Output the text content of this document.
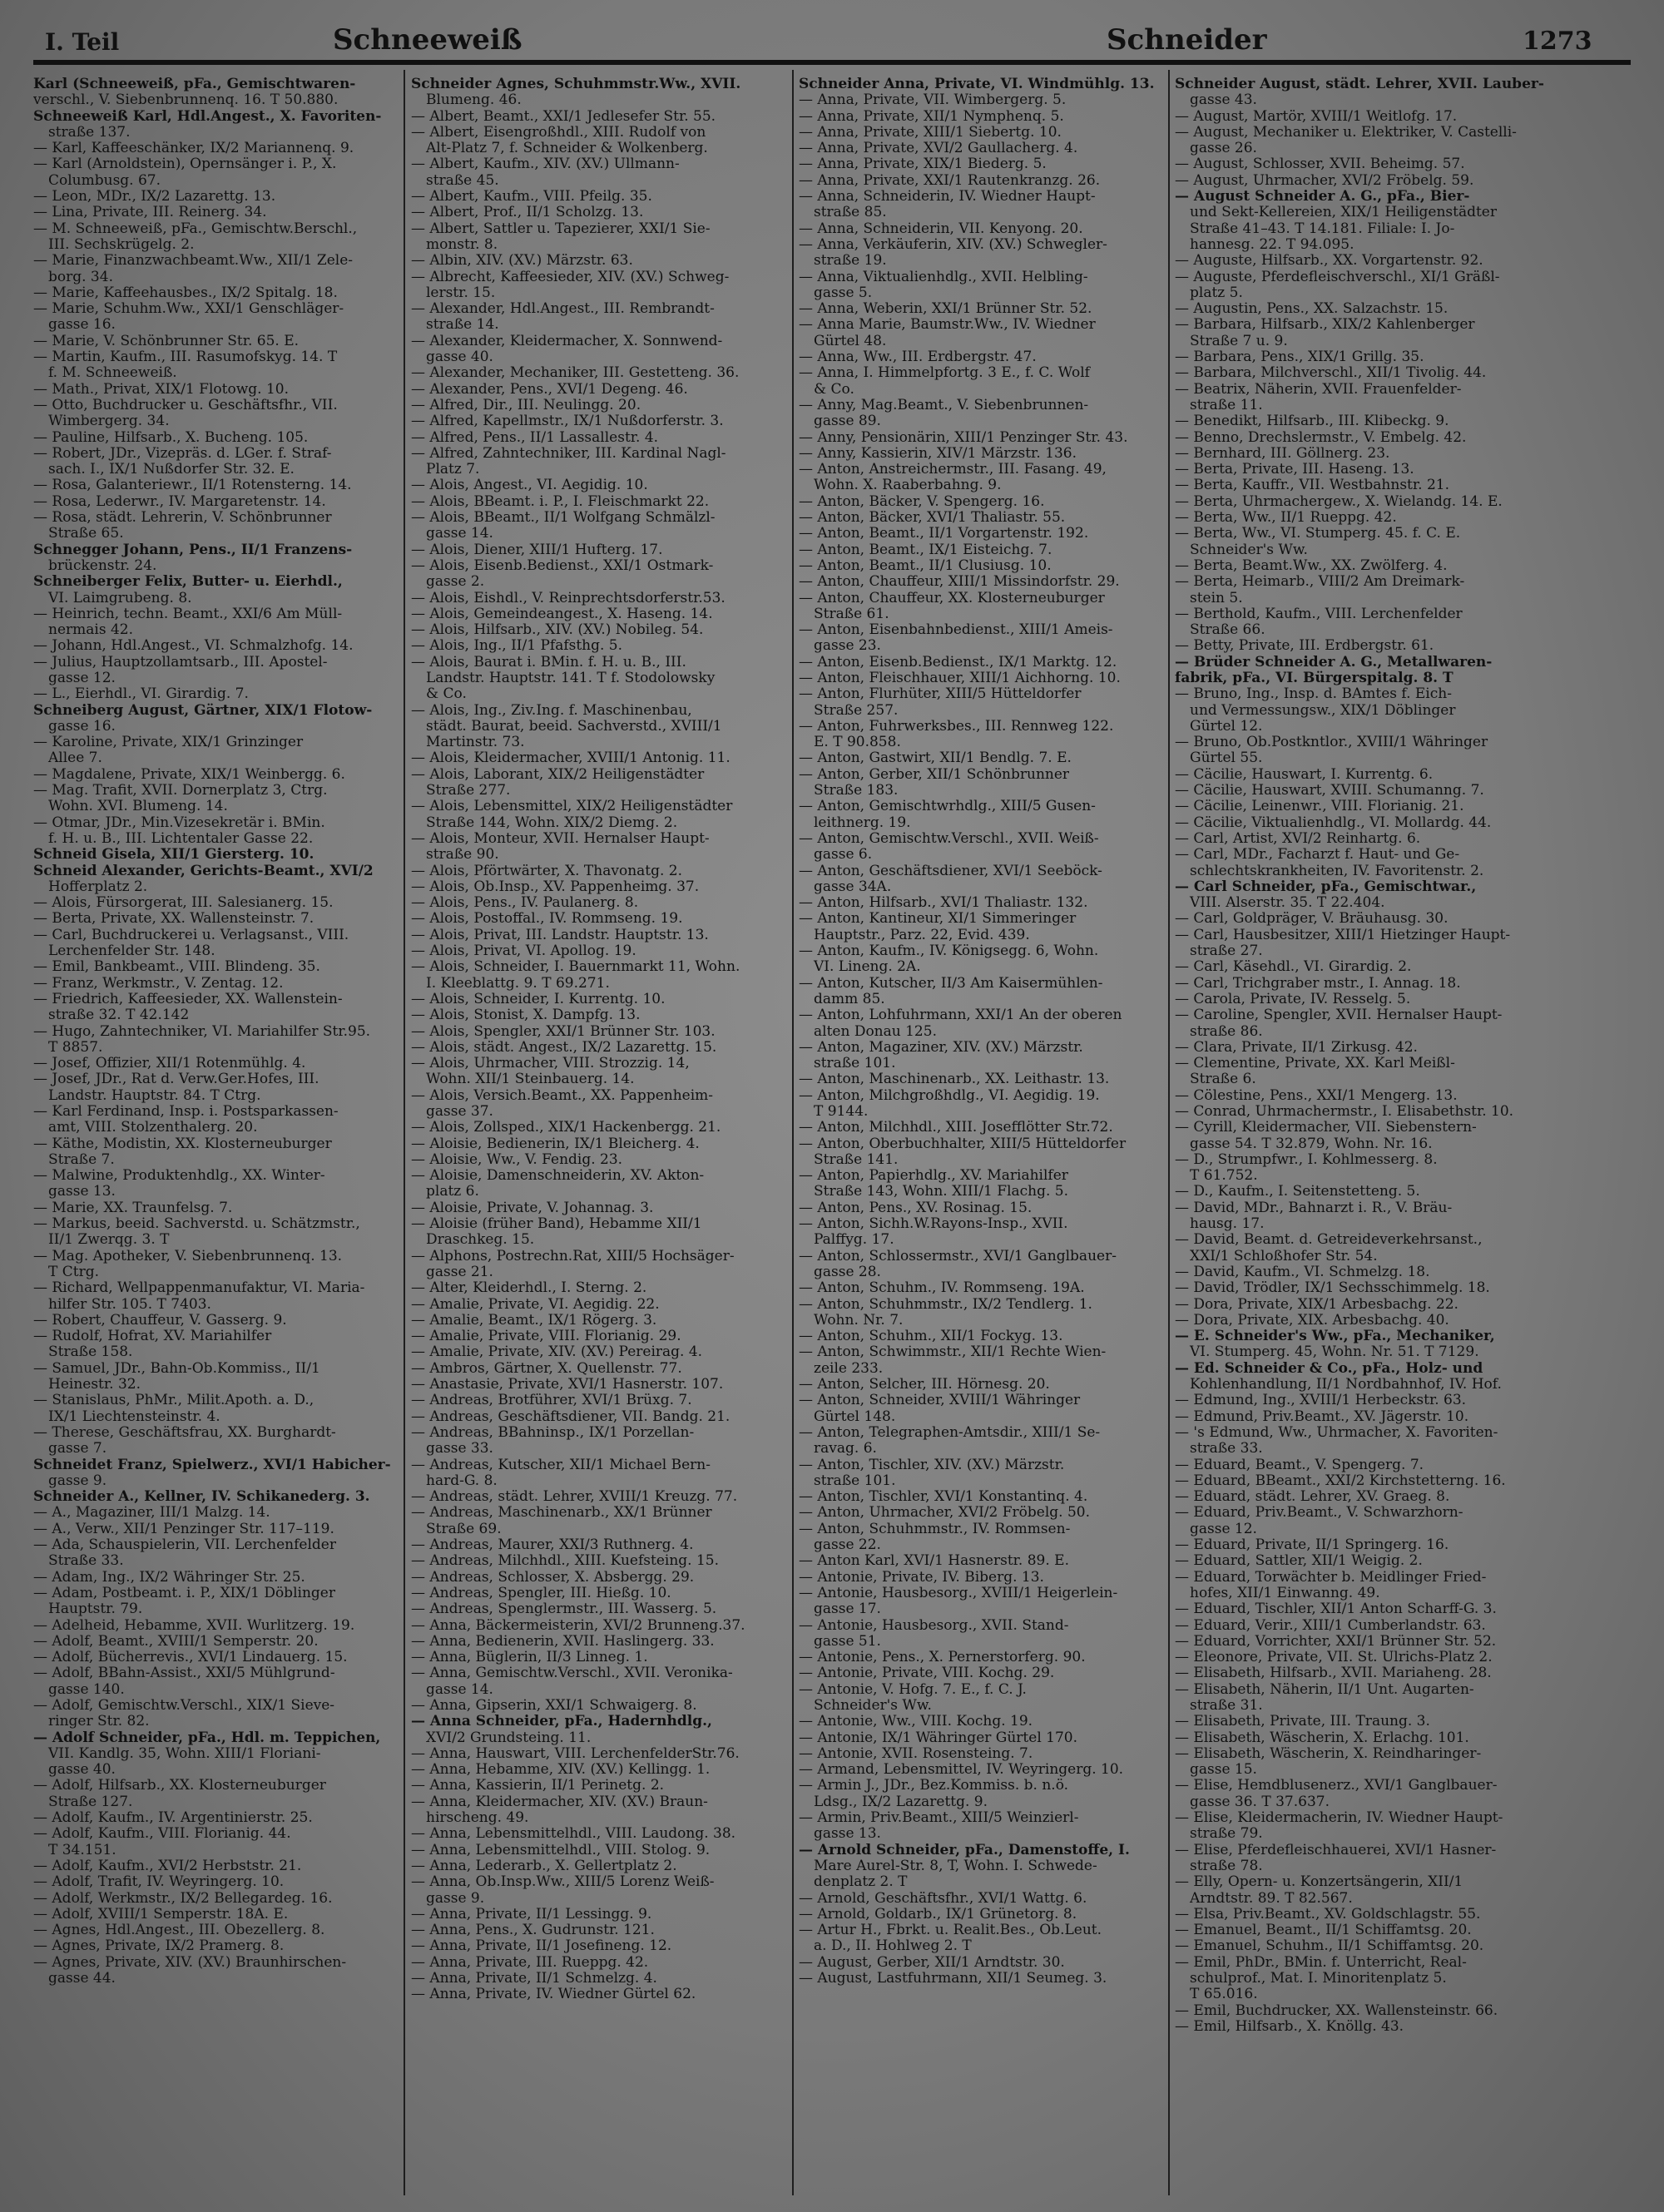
I. Teil	Schneeweiß	Schneider	1273

Karl (Schneeweiß, pFa., Gemischtwaren-

verschl., V. Siebenbrunnenq. 16. T 50.880.

Schneeweiß Karl, Hdl.Angest., X. Favoriten-

straße 137.

— Karl, Kaffeeschänker, IX/2 Mariannenq. 9.

— Karl (Arnoldstein), Opernsänger i. P., X.

Columbusg. 67.

— Leon, MDr., IX/2 Lazarettg. 13.

— Lina, Private, III. Reinerg. 34.

— M. Schneeweiß, pFa., Gemischtw.Berschl.,

III. Sechskrügelg. 2.

— Marie, Finanzwachbeamt.Ww., XII/1 Zele-

borg. 34.

— Marie, Kaffeehausbes., IX/2 Spitalg. 18.

— Marie, Schuhm.Ww., XXI/1 Genschläger-

gasse 16.

— Marie, V. Schönbrunner Str. 65. E.

— Martin, Kaufm., III. Rasumofskyg. 14. T

f. M. Schneeweiß.

— Math., Privat, XIX/1 Flotowg. 10.

— Otto, Buchdrucker u. Geschäftsfhr., VII.

Wimbergerg. 34.

— Pauline, Hilfsarb., X. Bucheng. 105.

— Robert, JDr., Vizepräs. d. LGer. f. Straf-

sach. I., IX/1 Nußdorfer Str. 32. E.

— Rosa, Galanteriewr., II/1 Rotensterng. 14.

— Rosa, Lederwr., IV. Margaretenstr. 14.

— Rosa, städt. Lehrerin, V. Schönbrunner

Straße 65.

Schnegger Johann, Pens., II/1 Franzens-

brückenstr. 24.

Schneiberger Felix, Butter- u. Eierhdl.,

VI. Laimgrubeng. 8.

— Heinrich, techn. Beamt., XXI/6 Am Müll-

nermais 42.

— Johann, Hdl.Angest., VI. Schmalzhofg. 14.

— Julius, Hauptzollamtsarb., III. Apostel-

gasse 12.

— L., Eierhdl., VI. Girardig. 7.

Schneiberg August, Gärtner, XIX/1 Flotow-

gasse 16.

— Karoline, Private, XIX/1 Grinzinger

Allee 7.

— Magdalene, Private, XIX/1 Weinbergg. 6.

— Mag. Trafit, XVII. Dornerplatz 3, Ctrg.

Wohn. XVI. Blumeng. 14.

— Otmar, JDr., Min.Vizesekretär i. BMin.

f. H. u. B., III. Lichtentaler Gasse 22.

Schneid Gisela, XII/1 Giersterg. 10.

Schneid Alexander, Gerichts-Beamt., XVI/2

Hofferplatz 2.

— Alois, Fürsorgerat, III. Salesianerg. 15.

— Berta, Private, XX. Wallensteinstr. 7.

— Carl, Buchdruckerei u. Verlagsanst., VIII.

Lerchenfelder Str. 148.

— Emil, Bankbeamt., VIII. Blindeng. 35.

— Franz, Werkmstr., V. Zentag. 12.

— Friedrich, Kaffeesieder, XX. Wallenstein-

straße 32. T 42.142

— Hugo, Zahntechniker, VI. Mariahilfer Str.95.

T 8857.

— Josef, Offizier, XII/1 Rotenmühlg. 4.

— Josef, JDr., Rat d. Verw.Ger.Hofes, III.

Landstr. Hauptstr. 84. T Ctrg.

— Karl Ferdinand, Insp. i. Postsparkassen-

amt, VIII. Stolzenthalerg. 20.

— Käthe, Modistin, XX. Klosterneuburger

Straße 7.

— Malwine, Produktenhdlg., XX. Winter-

gasse 13.

— Marie, XX. Traunfelsg. 7.

— Markus, beeid. Sachverstd. u. Schätzmstr.,

II/1 Zwerqg. 3. T

— Mag. Apotheker, V. Siebenbrunnenq. 13.

T Ctrg.

— Richard, Wellpappenmanufaktur, VI. Maria-

hilfer Str. 105. T 7403.

— Robert, Chauffeur, V. Gasserg. 9.

— Rudolf, Hofrat, XV. Mariahilfer

Straße 158.

— Samuel, JDr., Bahn-Ob.Kommiss., II/1

Heinestr. 32.

— Stanislaus, PhMr., Milit.Apoth. a. D.,

IX/1 Liechtensteinstr. 4.

— Therese, Geschäftsfrau, XX. Burghardt-

gasse 7.

Schneidet Franz, Spielwerz., XVI/1 Habicher-

gasse 9.

Schneider A., Kellner, IV. Schikanederg. 3.

— A., Magaziner, III/1 Malzg. 14.

— A., Verw., XII/1 Penzinger Str. 117–119.

— Ada, Schauspielerin, VII. Lerchenfelder

Straße 33.

— Adam, Ing., IX/2 Währinger Str. 25.

— Adam, Postbeamt. i. P., XIX/1 Döblinger

Hauptstr. 79.

— Adelheid, Hebamme, XVII. Wurlitzerg. 19.

— Adolf, Beamt., XVIII/1 Semperstr. 20.

— Adolf, Bücherrevis., XVI/1 Lindauerg. 15.

— Adolf, BBahn-Assist., XXI/5 Mühlgrund-

gasse 140.

— Adolf, Gemischtw.Verschl., XIX/1 Sieve-

ringer Str. 82.

— Adolf Schneider, pFa., Hdl. m. Teppichen,

VII. Kandlg. 35, Wohn. XIII/1 Floriani-

gasse 40.

— Adolf, Hilfsarb., XX. Klosterneuburger

Straße 127.

— Adolf, Kaufm., IV. Argentinierstr. 25.

— Adolf, Kaufm., VIII. Florianig. 44.

T 34.151.

— Adolf, Kaufm., XVI/2 Herbststr. 21.

— Adolf, Trafit, IV. Weyringerg. 10.

— Adolf, Werkmstr., IX/2 Bellegardeg. 16.

— Adolf, XVIII/1 Semperstr. 18A. E.

— Agnes, Hdl.Angest., III. Obezellerg. 8.

— Agnes, Private, IX/2 Pramerg. 8.

— Agnes, Private, XIV. (XV.) Braunhirschen-

gasse 44.

Schneider Agnes, Schuhmmstr.Ww., XVII.

Blumeng. 46.

— Albert, Beamt., XXI/1 Jedlesefer Str. 55.

— Albert, Eisengroßhdl., XIII. Rudolf von

Alt-Platz 7, f. Schneider & Wolkenberg.

— Albert, Kaufm., XIV. (XV.) Ullmann-

straße 45.

— Albert, Kaufm., VIII. Pfeilg. 35.

— Albert, Prof., II/1 Scholzg. 13.

— Albert, Sattler u. Tapezierer, XXI/1 Sie-

monstr. 8.

— Albin, XIV. (XV.) Märzstr. 63.

— Albrecht, Kaffeesieder, XIV. (XV.) Schweg-

lerstr. 15.

— Alexander, Hdl.Angest., III. Rembrandt-

straße 14.

— Alexander, Kleidermacher, X. Sonnwend-

gasse 40.

— Alexander, Mechaniker, III. Gestetteng. 36.

— Alexander, Pens., XVI/1 Degeng. 46.

— Alfred, Dir., III. Neulingg. 20.

— Alfred, Kapellmstr., IX/1 Nußdorferstr. 3.

— Alfred, Pens., II/1 Lassallestr. 4.

— Alfred, Zahntechniker, III. Kardinal Nagl-

Platz 7.

— Alois, Angest., VI. Aegidig. 10.

— Alois, BBeamt. i. P., I. Fleischmarkt 22.

— Alois, BBeamt., II/1 Wolfgang Schmälzl-

gasse 14.

— Alois, Diener, XIII/1 Hufterg. 17.

— Alois, Eisenb.Bedienst., XXI/1 Ostmark-

gasse 2.

— Alois, Eishdl., V. Reinprechtsdorferstr.53.

— Alois, Gemeindeangest., X. Haseng. 14.

— Alois, Hilfsarb., XIV. (XV.) Nobileg. 54.

— Alois, Ing., II/1 Pfafsthg. 5.

— Alois, Baurat i. BMin. f. H. u. B., III.

Landstr. Hauptstr. 141. T f. Stodolowsky

& Co.

— Alois, Ing., Ziv.Ing. f. Maschinenbau,

städt. Baurat, beeid. Sachverstd., XVIII/1

Martinstr. 73.

— Alois, Kleidermacher, XVIII/1 Antonig. 11.

— Alois, Laborant, XIX/2 Heiligenstädter

Straße 277.

— Alois, Lebensmittel, XIX/2 Heiligenstädter

Straße 144, Wohn. XIX/2 Diemg. 2.

— Alois, Monteur, XVII. Hernalser Haupt-

straße 90.

— Alois, Pförtwärter, X. Thavonatg. 2.

— Alois, Ob.Insp., XV. Pappenheimg. 37.

— Alois, Pens., IV. Paulanerg. 8.

— Alois, Postoffal., IV. Rommseng. 19.

— Alois, Privat, III. Landstr. Hauptstr. 13.

— Alois, Privat, VI. Apollog. 19.

— Alois, Schneider, I. Bauernmarkt 11, Wohn.

I. Kleeblattg. 9. T 69.271.

— Alois, Schneider, I. Kurrentg. 10.

— Alois, Stonist, X. Dampfg. 13.

— Alois, Spengler, XXI/1 Brünner Str. 103.

— Alois, städt. Angest., IX/2 Lazarettg. 15.

— Alois, Uhrmacher, VIII. Strozzig. 14,

Wohn. XII/1 Steinbauerg. 14.

— Alois, Versich.Beamt., XX. Pappenheim-

gasse 37.

— Alois, Zollsped., XIX/1 Hackenbergg. 21.

— Aloisie, Bedienerin, IX/1 Bleicherg. 4.

— Aloisie, Ww., V. Fendig. 23.

— Aloisie, Damenschneiderin, XV. Akton-

platz 6.

— Aloisie, Private, V. Johannag. 3.

— Aloisie (früher Band), Hebamme XII/1

Draschkeg. 15.

— Alphons, Postrechn.Rat, XIII/5 Hochsäger-

gasse 21.

— Alter, Kleiderhdl., I. Sterng. 2.

— Amalie, Private, VI. Aegidig. 22.

— Amalie, Beamt., IX/1 Rögerg. 3.

— Amalie, Private, VIII. Florianig. 29.

— Amalie, Private, XIV. (XV.) Pereirag. 4.

— Ambros, Gärtner, X. Quellenstr. 77.

— Anastasie, Private, XVI/1 Hasnerstr. 107.

— Andreas, Brotführer, XVI/1 Brüxg. 7.

— Andreas, Geschäftsdiener, VII. Bandg. 21.

— Andreas, BBahninsp., IX/1 Porzellan-

gasse 33.

— Andreas, Kutscher, XII/1 Michael Bern-

hard-G. 8.

— Andreas, städt. Lehrer, XVIII/1 Kreuzg. 77.

— Andreas, Maschinenarb., XX/1 Brünner

Straße 69.

— Andreas, Maurer, XXI/3 Ruthnerg. 4.

— Andreas, Milchhdl., XIII. Kuefsteing. 15.

— Andreas, Schlosser, X. Absbergg. 29.

— Andreas, Spengler, III. Hießg. 10.

— Andreas, Spenglermstr., III. Wasserg. 5.

— Anna, Bäckermeisterin, XVI/2 Brunneng.37.

— Anna, Bedienerin, XVII. Haslingerg. 33.

— Anna, Büglerin, II/3 Linneg. 1.

— Anna, Gemischtw.Verschl., XVII. Veronika-

gasse 14.

— Anna, Gipserin, XXI/1 Schwaigerg. 8.

— Anna Schneider, pFa., Hadernhdlg.,

XVI/2 Grundsteing. 11.

— Anna, Hauswart, VIII. LerchenfelderStr.76.

— Anna, Hebamme, XIV. (XV.) Kellingg. 1.

— Anna, Kassierin, II/1 Perinetg. 2.

— Anna, Kleidermacher, XIV. (XV.) Braun-

hirscheng. 49.

— Anna, Lebensmittelhdl., VIII. Laudong. 38.

— Anna, Lebensmittelhdl., VIII. Stolog. 9.

— Anna, Lederarb., X. Gellertplatz 2.

— Anna, Ob.Insp.Ww., XIII/5 Lorenz Weiß-

gasse 9.

— Anna, Private, II/1 Lessingg. 9.

— Anna, Pens., X. Gudrunstr. 121.

— Anna, Private, II/1 Josefineng. 12.

— Anna, Private, III. Rueppg. 42.

— Anna, Private, II/1 Schmelzg. 4.

— Anna, Private, IV. Wiedner Gürtel 62.

Schneider Anna, Private, VI. Windmühlg. 13.

— Anna, Private, VII. Wimbergerg. 5.

— Anna, Private, XII/1 Nymphenq. 5.

— Anna, Private, XIII/1 Siebertg. 10.

— Anna, Private, XVI/2 Gaullacherg. 4.

— Anna, Private, XIX/1 Biederg. 5.

— Anna, Private, XXI/1 Rautenkranzg. 26.

— Anna, Schneiderin, IV. Wiedner Haupt-

straße 85.

— Anna, Schneiderin, VII. Kenyong. 20.

— Anna, Verkäuferin, XIV. (XV.) Schwegler-

straße 19.

— Anna, Viktualienhdlg., XVII. Helbling-

gasse 5.

— Anna, Weberin, XXI/1 Brünner Str. 52.

— Anna Marie, Baumstr.Ww., IV. Wiedner

Gürtel 48.

— Anna, Ww., III. Erdbergstr. 47.

— Anna, I. Himmelpfortg. 3 E., f. C. Wolf

& Co.

— Anny, Mag.Beamt., V. Siebenbrunnen-

gasse 89.

— Anny, Pensionärin, XIII/1 Penzinger Str. 43.

— Anny, Kassierin, XIV/1 Märzstr. 136.

— Anton, Anstreichermstr., III. Fasang. 49,

Wohn. X. Raaberbahng. 9.

— Anton, Bäcker, V. Spengerg. 16.

— Anton, Bäcker, XVI/1 Thaliastr. 55.

— Anton, Beamt., II/1 Vorgartenstr. 192.

— Anton, Beamt., IX/1 Eisteichg. 7.

— Anton, Beamt., II/1 Clusiusg. 10.

— Anton, Chauffeur, XIII/1 Missindorfstr. 29.

— Anton, Chauffeur, XX. Klosterneuburger

Straße 61.

— Anton, Eisenbahnbedienst., XIII/1 Ameis-

gasse 23.

— Anton, Eisenb.Bedienst., IX/1 Marktg. 12.

— Anton, Fleischhauer, XIII/1 Aichhorng. 10.

— Anton, Flurhüter, XIII/5 Hütteldorfer

Straße 257.

— Anton, Fuhrwerksbes., III. Rennweg 122.

E. T 90.858.

— Anton, Gastwirt, XII/1 Bendlg. 7. E.

— Anton, Gerber, XII/1 Schönbrunner

Straße 183.

— Anton, Gemischtwrhdlg., XIII/5 Gusen-

leithnerg. 19.

— Anton, Gemischtw.Verschl., XVII. Weiß-

gasse 6.

— Anton, Geschäftsdiener, XVI/1 Seeböck-

gasse 34A.

— Anton, Hilfsarb., XVI/1 Thaliastr. 132.

— Anton, Kantineur, XI/1 Simmeringer

Hauptstr., Parz. 22, Evid. 439.

— Anton, Kaufm., IV. Königsegg. 6, Wohn.

VI. Lineng. 2A.

— Anton, Kutscher, II/3 Am Kaisermühlen-

damm 85.

— Anton, Lohfuhrmann, XXI/1 An der oberen

alten Donau 125.

— Anton, Magaziner, XIV. (XV.) Märzstr.

straße 101.

— Anton, Maschinenarb., XX. Leithastr. 13.

— Anton, Milchgroßhdlg., VI. Aegidig. 19.

T 9144.

— Anton, Milchhdl., XIII. Josefflötter Str.72.

— Anton, Oberbuchhalter, XIII/5 Hütteldorfer

Straße 141.

— Anton, Papierhdlg., XV. Mariahilfer

Straße 143, Wohn. XIII/1 Flachg. 5.

— Anton, Pens., XV. Rosinag. 15.

— Anton, Sichh.W.Rayons-Insp., XVII.

Palffyg. 17.

— Anton, Schlossermstr., XVI/1 Ganglbauer-

gasse 28.

— Anton, Schuhm., IV. Rommseng. 19A.

— Anton, Schuhmmstr., IX/2 Tendlerg. 1.

Wohn. Nr. 7.

— Anton, Schuhm., XII/1 Fockyg. 13.

— Anton, Schwimmstr., XII/1 Rechte Wien-

zeile 233.

— Anton, Selcher, III. Hörnesg. 20.

— Anton, Schneider, XVIII/1 Währinger

Gürtel 148.

— Anton, Telegraphen-Amtsdir., XIII/1 Se-

ravag. 6.

— Anton, Tischler, XIV. (XV.) Märzstr.

straße 101.

— Anton, Tischler, XVI/1 Konstantinq. 4.

— Anton, Uhrmacher, XVI/2 Fröbelg. 50.

— Anton, Schuhmmstr., IV. Rommsen-

gasse 22.

— Anton Karl, XVI/1 Hasnerstr. 89. E.

— Antonie, Private, IV. Biberg. 13.

— Antonie, Hausbesorg., XVIII/1 Heigerlein-

gasse 17.

— Antonie, Hausbesorg., XVII. Stand-

gasse 51.

— Antonie, Pens., X. Pernerstorferg. 90.

— Antonie, Private, VIII. Kochg. 29.

— Antonie, V. Hofg. 7. E., f. C. J.

Schneider's Ww.

— Antonie, Ww., VIII. Kochg. 19.

— Antonie, IX/1 Währinger Gürtel 170.

— Antonie, XVII. Rosensteing. 7.

— Armand, Lebensmittel, IV. Weyringerg. 10.

— Armin J., JDr., Bez.Kommiss. b. n.ö.

Ldsg., IX/2 Lazarettg. 9.

— Armin, Priv.Beamt., XIII/5 Weinzierl-

gasse 13.

— Arnold Schneider, pFa., Damenstoffe, I.

Mare Aurel-Str. 8, T, Wohn. I. Schwede-

denplatz 2. T

— Arnold, Geschäftsfhr., XVI/1 Wattg. 6.

— Arnold, Goldarb., IX/1 Grünetorg. 8.

— Artur H., Fbrkt. u. Realit.Bes., Ob.Leut.

a. D., II. Hohlweg 2. T

— August, Gerber, XII/1 Arndtstr. 30.

— August, Lastfuhrmann, XII/1 Seumeg. 3.

Schneider August, städt. Lehrer, XVII. Lauber-

gasse 43.

— August, Martör, XVIII/1 Weitlofg. 17.

— August, Mechaniker u. Elektriker, V. Castelli-

gasse 26.

— August, Schlosser, XVII. Beheimg. 57.

— August, Uhrmacher, XVI/2 Fröbelg. 59.

— August Schneider A. G., pFa., Bier-

und Sekt-Kellereien, XIX/1 Heiligenstädter

Straße 41–43. T 14.181. Filiale: I. Jo-

hannesg. 22. T 94.095.

— Auguste, Hilfsarb., XX. Vorgartenstr. 92.

— Auguste, Pferdefleischverschl., XI/1 Gräßl-

platz 5.

— Augustin, Pens., XX. Salzachstr. 15.

— Barbara, Hilfsarb., XIX/2 Kahlenberger

Straße 7 u. 9.

— Barbara, Pens., XIX/1 Grillg. 35.

— Barbara, Milchverschl., XII/1 Tivolig. 44.

— Beatrix, Näherin, XVII. Frauenfelder-

straße 11.

— Benedikt, Hilfsarb., III. Klibeckg. 9.

— Benno, Drechslermstr., V. Embelg. 42.

— Bernhard, III. Göllnerg. 23.

— Berta, Private, III. Haseng. 13.

— Berta, Kauffr., VII. Westbahnstr. 21.

— Berta, Uhrmachergew., X. Wielandg. 14. E.

— Berta, Ww., II/1 Rueppg. 42.

— Berta, Ww., VI. Stumperg. 45. f. C. E.

Schneider's Ww.

— Berta, Beamt.Ww., XX. Zwölferg. 4.

— Berta, Heimarb., VIII/2 Am Dreimark-

stein 5.

— Berthold, Kaufm., VIII. Lerchenfelder

Straße 66.

— Betty, Private, III. Erdbergstr. 61.

— Brüder Schneider A. G., Metallwaren-

fabrik, pFa., VI. Bürgerspitalg. 8. T

— Bruno, Ing., Insp. d. BAmtes f. Eich-

und Vermessungsw., XIX/1 Döblinger

Gürtel 12.

— Bruno, Ob.Postkntlor., XVIII/1 Währinger

Gürtel 55.

— Cäcilie, Hauswart, I. Kurrentg. 6.

— Cäcilie, Hauswart, XVIII. Schumanng. 7.

— Cäcilie, Leinenwr., VIII. Florianig. 21.

— Cäcilie, Viktualienhdlg., VI. Mollardg. 44.

— Carl, Artist, XVI/2 Reinhartg. 6.

— Carl, MDr., Facharzt f. Haut- und Ge-

schlechtskrankheiten, IV. Favoritenstr. 2.

— Carl Schneider, pFa., Gemischtwar.,

VIII. Alserstr. 35. T 22.404.

— Carl, Goldpräger, V. Bräuhausg. 30.

— Carl, Hausbesitzer, XIII/1 Hietzinger Haupt-

straße 27.

— Carl, Käsehdl., VI. Girardig. 2.

— Carl, Trichgraber mstr., I. Annag. 18.

— Carola, Private, IV. Resselg. 5.

— Caroline, Spengler, XVII. Hernalser Haupt-

straße 86.

— Clara, Private, II/1 Zirkusg. 42.

— Clementine, Private, XX. Karl Meißl-

Straße 6.

— Cölestine, Pens., XXI/1 Mengerg. 13.

— Conrad, Uhrmachermstr., I. Elisabethstr. 10.

— Cyrill, Kleidermacher, VII. Siebenstern-

gasse 54. T 32.879, Wohn. Nr. 16.

— D., Strumpfwr., I. Kohlmesserg. 8.

T 61.752.

— D., Kaufm., I. Seitenstetteng. 5.

— David, MDr., Bahnarzt i. R., V. Bräu-

hausg. 17.

— David, Beamt. d. Getreideverkehrsanst.,

XXI/1 Schloßhofer Str. 54.

— David, Kaufm., VI. Schmelzg. 18.

— David, Trödler, IX/1 Sechsschimmelg. 18.

— Dora, Private, XIX/1 Arbesbachg. 22.

— Dora, Private, XIX. Arbesbachg. 40.

— E. Schneider's Ww., pFa., Mechaniker,

VI. Stumperg. 45, Wohn. Nr. 51. T 7129.

— Ed. Schneider & Co., pFa., Holz- und

Kohlenhandlung, II/1 Nordbahnhof, IV. Hof.

— Edmund, Ing., XVIII/1 Herbeckstr. 63.

— Edmund, Priv.Beamt., XV. Jägerstr. 10.

— 's Edmund, Ww., Uhrmacher, X. Favoriten-

straße 33.

— Eduard, Beamt., V. Spengerg. 7.

— Eduard, BBeamt., XXI/2 Kirchstetterng. 16.

— Eduard, städt. Lehrer, XV. Graeg. 8.

— Eduard, Priv.Beamt., V. Schwarzhorn-

gasse 12.

— Eduard, Private, II/1 Springerg. 16.

— Eduard, Sattler, XII/1 Weigig. 2.

— Eduard, Torwächter b. Meidlinger Fried-

hofes, XII/1 Einwanng. 49.

— Eduard, Tischler, XII/1 Anton Scharff-G. 3.

— Eduard, Verir., XIII/1 Cumberlandstr. 63.

— Eduard, Vorrichter, XXI/1 Brünner Str. 52.

— Eleonore, Private, VII. St. Ulrichs-Platz 2.

— Elisabeth, Hilfsarb., XVII. Mariaheng. 28.

— Elisabeth, Näherin, II/1 Unt. Augarten-

straße 31.

— Elisabeth, Private, III. Traung. 3.

— Elisabeth, Wäscherin, X. Erlachg. 101.

— Elisabeth, Wäscherin, X. Reindharinger-

gasse 15.

— Elise, Hemdblusenerz., XVI/1 Ganglbauer-

gasse 36. T 37.637.

— Elise, Kleidermacherin, IV. Wiedner Haupt-

straße 79.

— Elise, Pferdefleischhauerei, XVI/1 Hasner-

straße 78.

— Elly, Opern- u. Konzertsängerin, XII/1

Arndtstr. 89. T 82.567.

— Elsa, Priv.Beamt., XV. Goldschlagstr. 55.

— Emanuel, Beamt., II/1 Schiffamtsg. 20.

— Emanuel, Schuhm., II/1 Schiffamtsg. 20.

— Emil, PhDr., BMin. f. Unterricht, Real-

schulprof., Mat. I. Minoritenplatz 5.

T 65.016.

— Emil, Buchdrucker, XX. Wallensteinstr. 66.

— Emil, Hilfsarb., X. Knöllg. 43.
